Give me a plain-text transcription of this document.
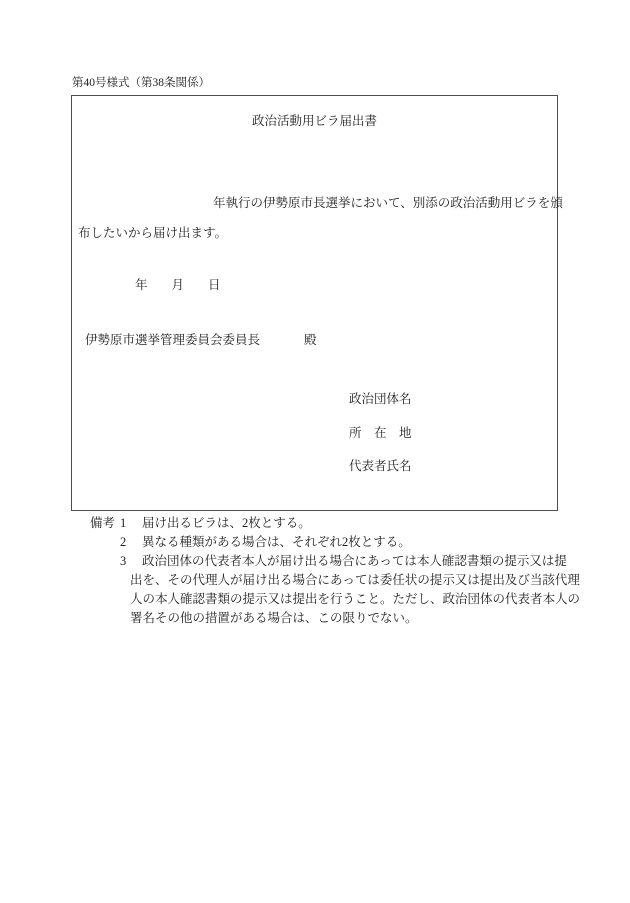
第40号様式（第38条関係）
政治活動用ビラ届出書
年執行の伊勢原市長選挙において、別添の政治活動用ビラを頒
布したいから届け出ます。
年 月 日
伊勢原市選挙管理委員会委員長	殿
政治団体名
所　在　地
代表者氏名
備考 1 届け出るビラは、2枚とする。
2 異なる種類がある場合は、それぞれ2枚とする。
3 政治団体の代表者本人が届け出る場合にあっては本人確認書類の提示又は提
出を、その代理人が届け出る場合にあっては委任状の提示又は提出及び当該代理
人の本人確認書類の提示又は提出を行うこと。ただし、政治団体の代表者本人の
署名その他の措置がある場合は、この限りでない。
